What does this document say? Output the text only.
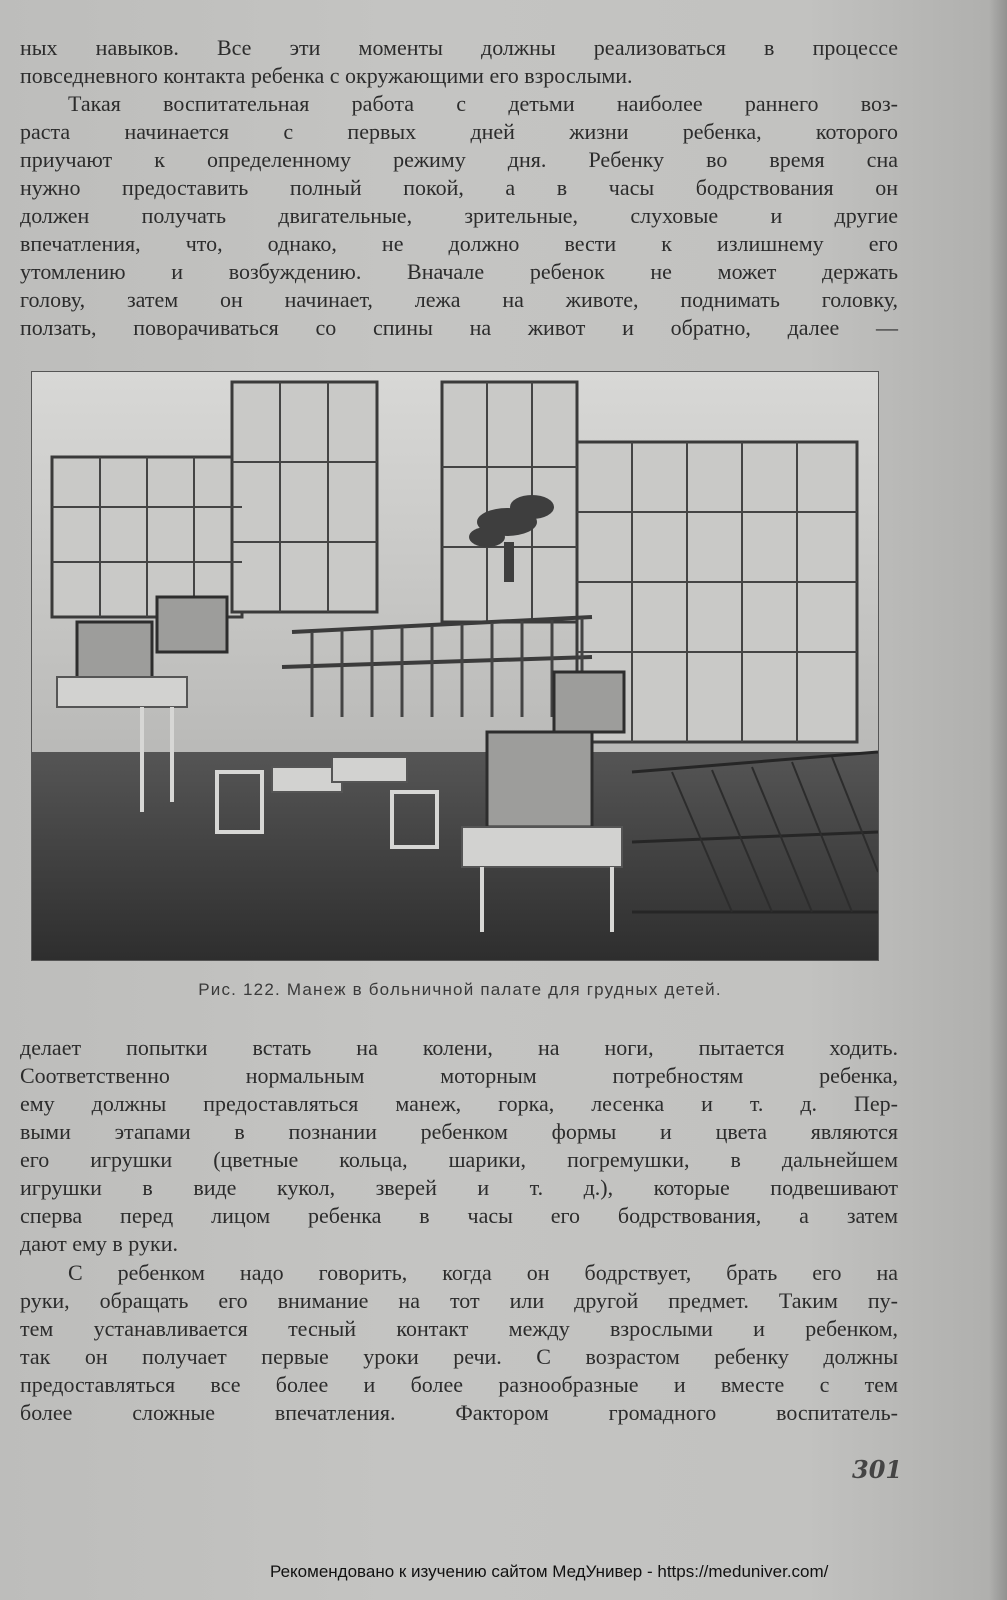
ных навыков. Все эти моменты должны реализоваться в процессе
повседневного контакта ребенка с окружающими его взрослыми.
Такая воспитательная работа с детьми наиболее раннего воз-
раста начинается с первых дней жизни ребенка, которого
приучают к определенному режиму дня. Ребенку во время сна
нужно предоставить полный покой, а в часы бодрствования он
должен получать двигательные, зрительные, слуховые и другие
впечатления, что, однако, не должно вести к излишнему его
утомлению и возбуждению. Вначале ребенок не может держать
голову, затем он начинает, лежа на животе, поднимать головку,
ползать, поворачиваться со спины на живот и обратно, далее —
Рис. 122. Манеж в больничной палате для грудных детей.
делает попытки встать на колени, на ноги, пытается ходить.
Соответственно нормальным моторным потребностям ребенка,
ему должны предоставляться манеж, горка, лесенка и т. д. Пер-
выми этапами в познании ребенком формы и цвета являются
его игрушки (цветные кольца, шарики, погремушки, в дальнейшем
игрушки в виде кукол, зверей и т. д.), которые подвешивают
сперва перед лицом ребенка в часы его бодрствования, а затем
дают ему в руки.
С ребенком надо говорить, когда он бодрствует, брать его на
руки, обращать его внимание на тот или другой предмет. Таким пу-
тем устанавливается тесный контакт между взрослыми и ребенком,
так он получает первые уроки речи. С возрастом ребенку должны
предоставляться все более и более разнообразные и вместе с тем
более сложные впечатления. Фактором громадного воспитатель-
301
Рекомендовано к изучению сайтом МедУнивер - https://meduniver.com/
